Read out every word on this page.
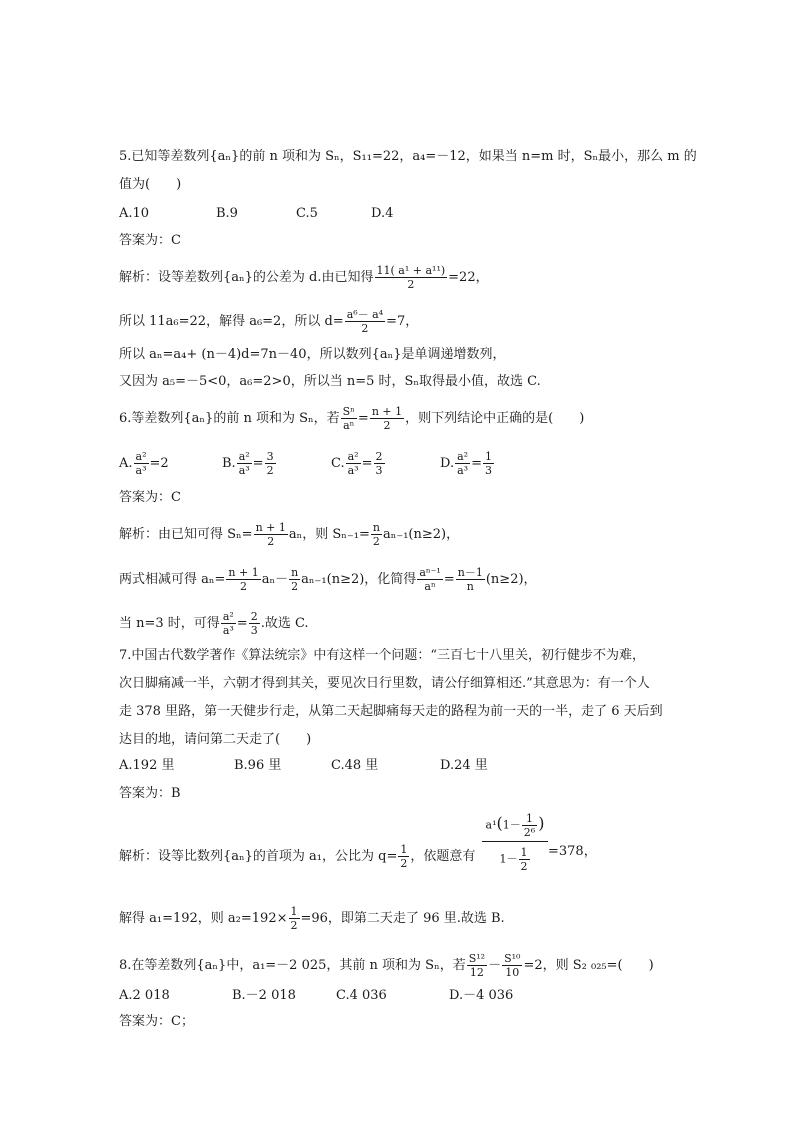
5.已知等差数列{aₙ}的前 n 项和为 Sₙ，S₁₁=22，a₄=－12，如果当 n=m 时，Sₙ最小，那么 m 的
值为(　　)
A.10	B.9	C.5	D.4
答案为：C
解析：设等差数列{aₙ}的公差为 d.由已知得 $\frac{\text{11( a¹ + a¹¹)}}{2} =22$，
所以 11a₆=22，解得 a₆=2，所以 $d= \frac{\text{a⁶－ a⁴}}{2} =7$，
所以 aₙ=a₄+ (n－4)d=7n－40，所以数列{aₙ}是单调递增数列，
又因为 a₅=－5<0，a₆=2>0，所以当 n=5 时，Sₙ取得最小值，故选 C.
6.等差数列{aₙ}的前 n 项和为 Sₙ，若 $\frac{\text{Sⁿ}}{\text{aⁿ}} = \frac{n + 1}{2}$ ，则下列结论中正确的是(　　)
A. $\frac{\text{a²}}{\text{a³}} =2$	B. $\frac{\text{a²}}{\text{a³}} = \frac{3}{2}$	C. $\frac{\text{a²}}{\text{a³}} = \frac{2}{3}$	D. $\frac{\text{a²}}{\text{a³}} = \frac{1}{3}$
答案为：C
解析：由已知可得 $S_n= \frac{n + 1}{2}$ aₙ，则 $S_{n-1}= \frac{n}{2} a_{n-1}(n\ge 2)$，
两式相减可得 $a_n= \frac{n + 1}{2} a_n- \frac{n}{2} a_{n-1}(n\ge 2)$，化简得 $\frac{\text{aⁿ⁻¹}}{\text{aⁿ}} = \frac{n-1}{n} (n\ge 2)$，
当 n=3 时，可得 $\frac{\text{a²}}{\text{a³}} = \frac{2}{3}$ .故选 C.
7.中国古代数学著作《算法统宗》中有这样一个问题：“三百七十八里关，初行健步不为难，
次日脚痛减一半，六朝才得到其关，要见次日行里数，请公仔细算相还.”其意思为：有一个人
走 378 里路，第一天健步行走，从第二天起脚痛每天走的路程为前一天的一半，走了 6 天后到
达目的地，请问第二天走了(　　)
A.192 里	B.96 里	C.48 里	D.24 里
答案为：B
解析：设等比数列{aₙ}的首项为 a₁，公比为 $q= \frac{1}{2}$ ，依题意有 $\frac{a^1(1- \frac{1}{\text{2⁶}} )}{1- \frac{1}{2}} =378$，
解得 a₁=192，则 $a_2=192\times \frac{1}{2} =96$，即第二天走了 96 里.故选 B.
8.在等差数列{aₙ}中，a₁=－2 025，其前 n 项和为 Sₙ，若 $\frac{\text{S¹²}}{12} - \frac{\text{S¹⁰}}{10} =2$，则 S₂ ₀₂₅=(　　)
A.2 018	B.－2 018	C.4 036	D.－4 036
答案为：C；
